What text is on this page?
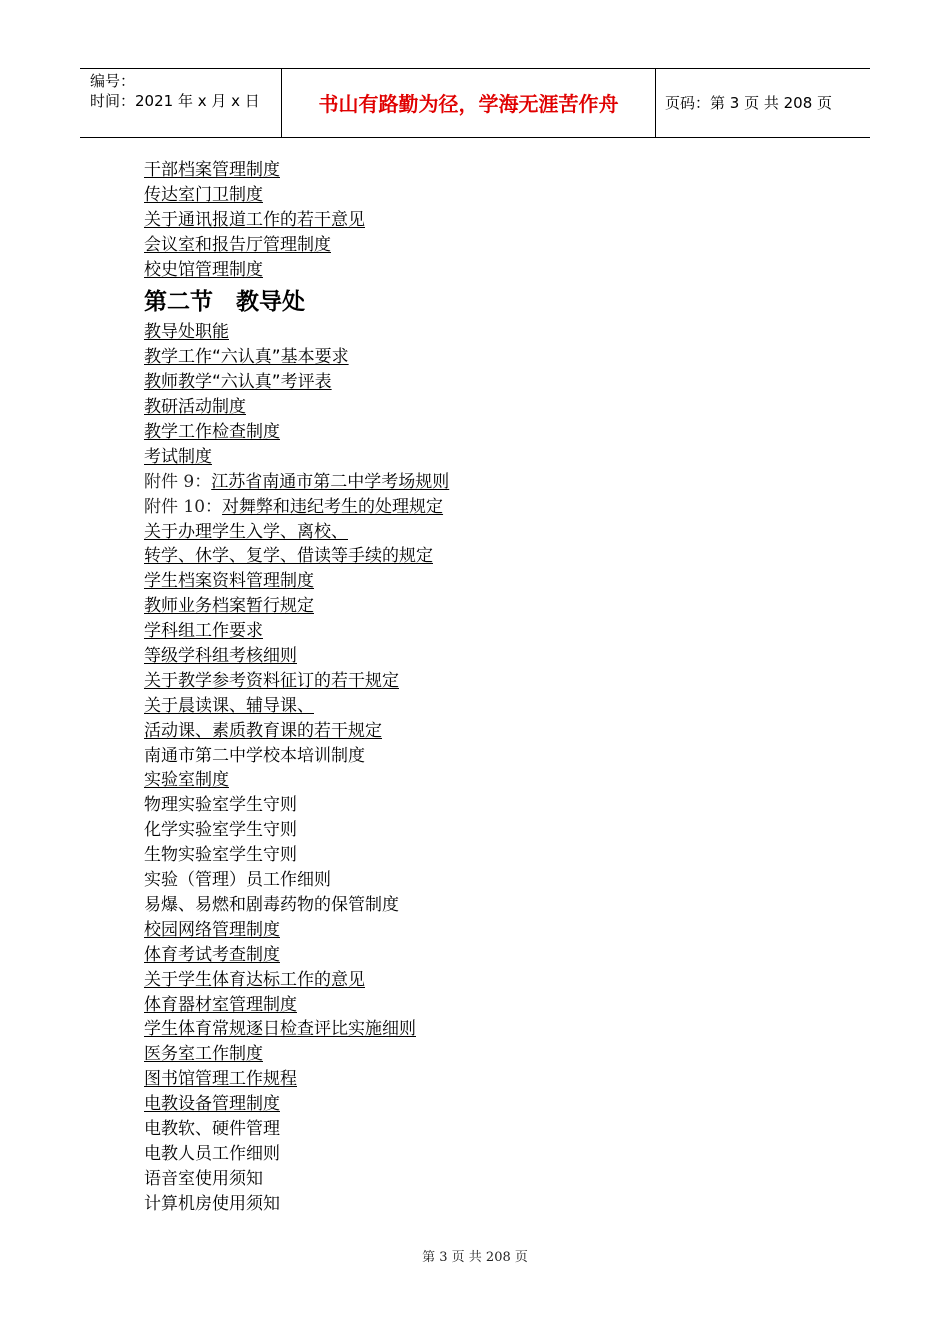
编号：
时间：2021 年 x 月 x 日	书山有路勤为径，学海无涯苦作舟	页码：第 3 页 共 208 页
干部档案管理制度
传达室门卫制度
关于通讯报道工作的若干意见
会议室和报告厅管理制度
校史馆管理制度
第二节　教导处
教导处职能
教学工作“六认真”基本要求
教师教学“六认真”考评表
教研活动制度
教学工作检查制度
考试制度
附件 9：江苏省南通市第二中学考场规则
附件 10：对舞弊和违纪考生的处理规定
关于办理学生入学、离校、
转学、休学、复学、借读等手续的规定
学生档案资料管理制度
教师业务档案暂行规定
学科组工作要求
等级学科组考核细则
关于教学参考资料征订的若干规定
关于晨读课、辅导课、
活动课、素质教育课的若干规定
南通市第二中学校本培训制度
实验室制度
物理实验室学生守则
化学实验室学生守则
生物实验室学生守则
实验（管理）员工作细则
易爆、易燃和剧毒药物的保管制度
校园网络管理制度
体育考试考查制度
关于学生体育达标工作的意见
体育器材室管理制度
学生体育常规逐日检查评比实施细则
医务室工作制度
图书馆管理工作规程
电教设备管理制度
电教软、硬件管理
电教人员工作细则
语音室使用须知
计算机房使用须知
第 3 页 共 208 页
